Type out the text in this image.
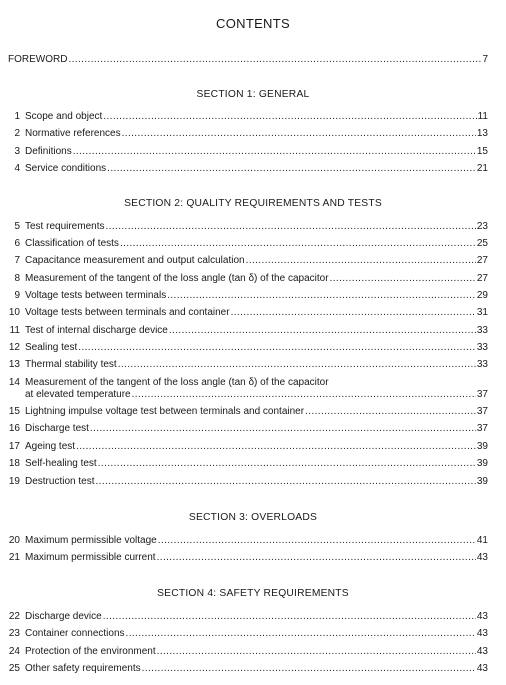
CONTENTS
FOREWORD .....	7
SECTION 1: GENERAL
1 Scope and object .....	11
2 Normative references .....	13
3 Definitions .....	15
4 Service conditions .....	21
SECTION 2: QUALITY REQUIREMENTS AND TESTS
5 Test requirements .....	23
6 Classification of tests .....	25
7 Capacitance measurement and output calculation .....	27
8 Measurement of the tangent of the loss angle (tan δ) of the capacitor .....	27
9 Voltage tests between terminals .....	29
10 Voltage tests between terminals and container .....	31
11 Test of internal discharge device .....	33
12 Sealing test .....	33
13 Thermal stability test .....	33
14 Measurement of the tangent of the loss angle (tan δ) of the capacitor
at elevated temperature .....	37
15 Lightning impulse voltage test between terminals and container .....	37
16 Discharge test .....	37
17 Ageing test .....	39
18 Self-healing test .....	39
19 Destruction test .....	39
SECTION 3: OVERLOADS
20 Maximum permissible voltage .....	41
21 Maximum permissible current .....	43
SECTION 4: SAFETY REQUIREMENTS
22 Discharge device .....	43
23 Container connections .....	43
24 Protection of the environment .....	43
25 Other safety requirements .....	43
